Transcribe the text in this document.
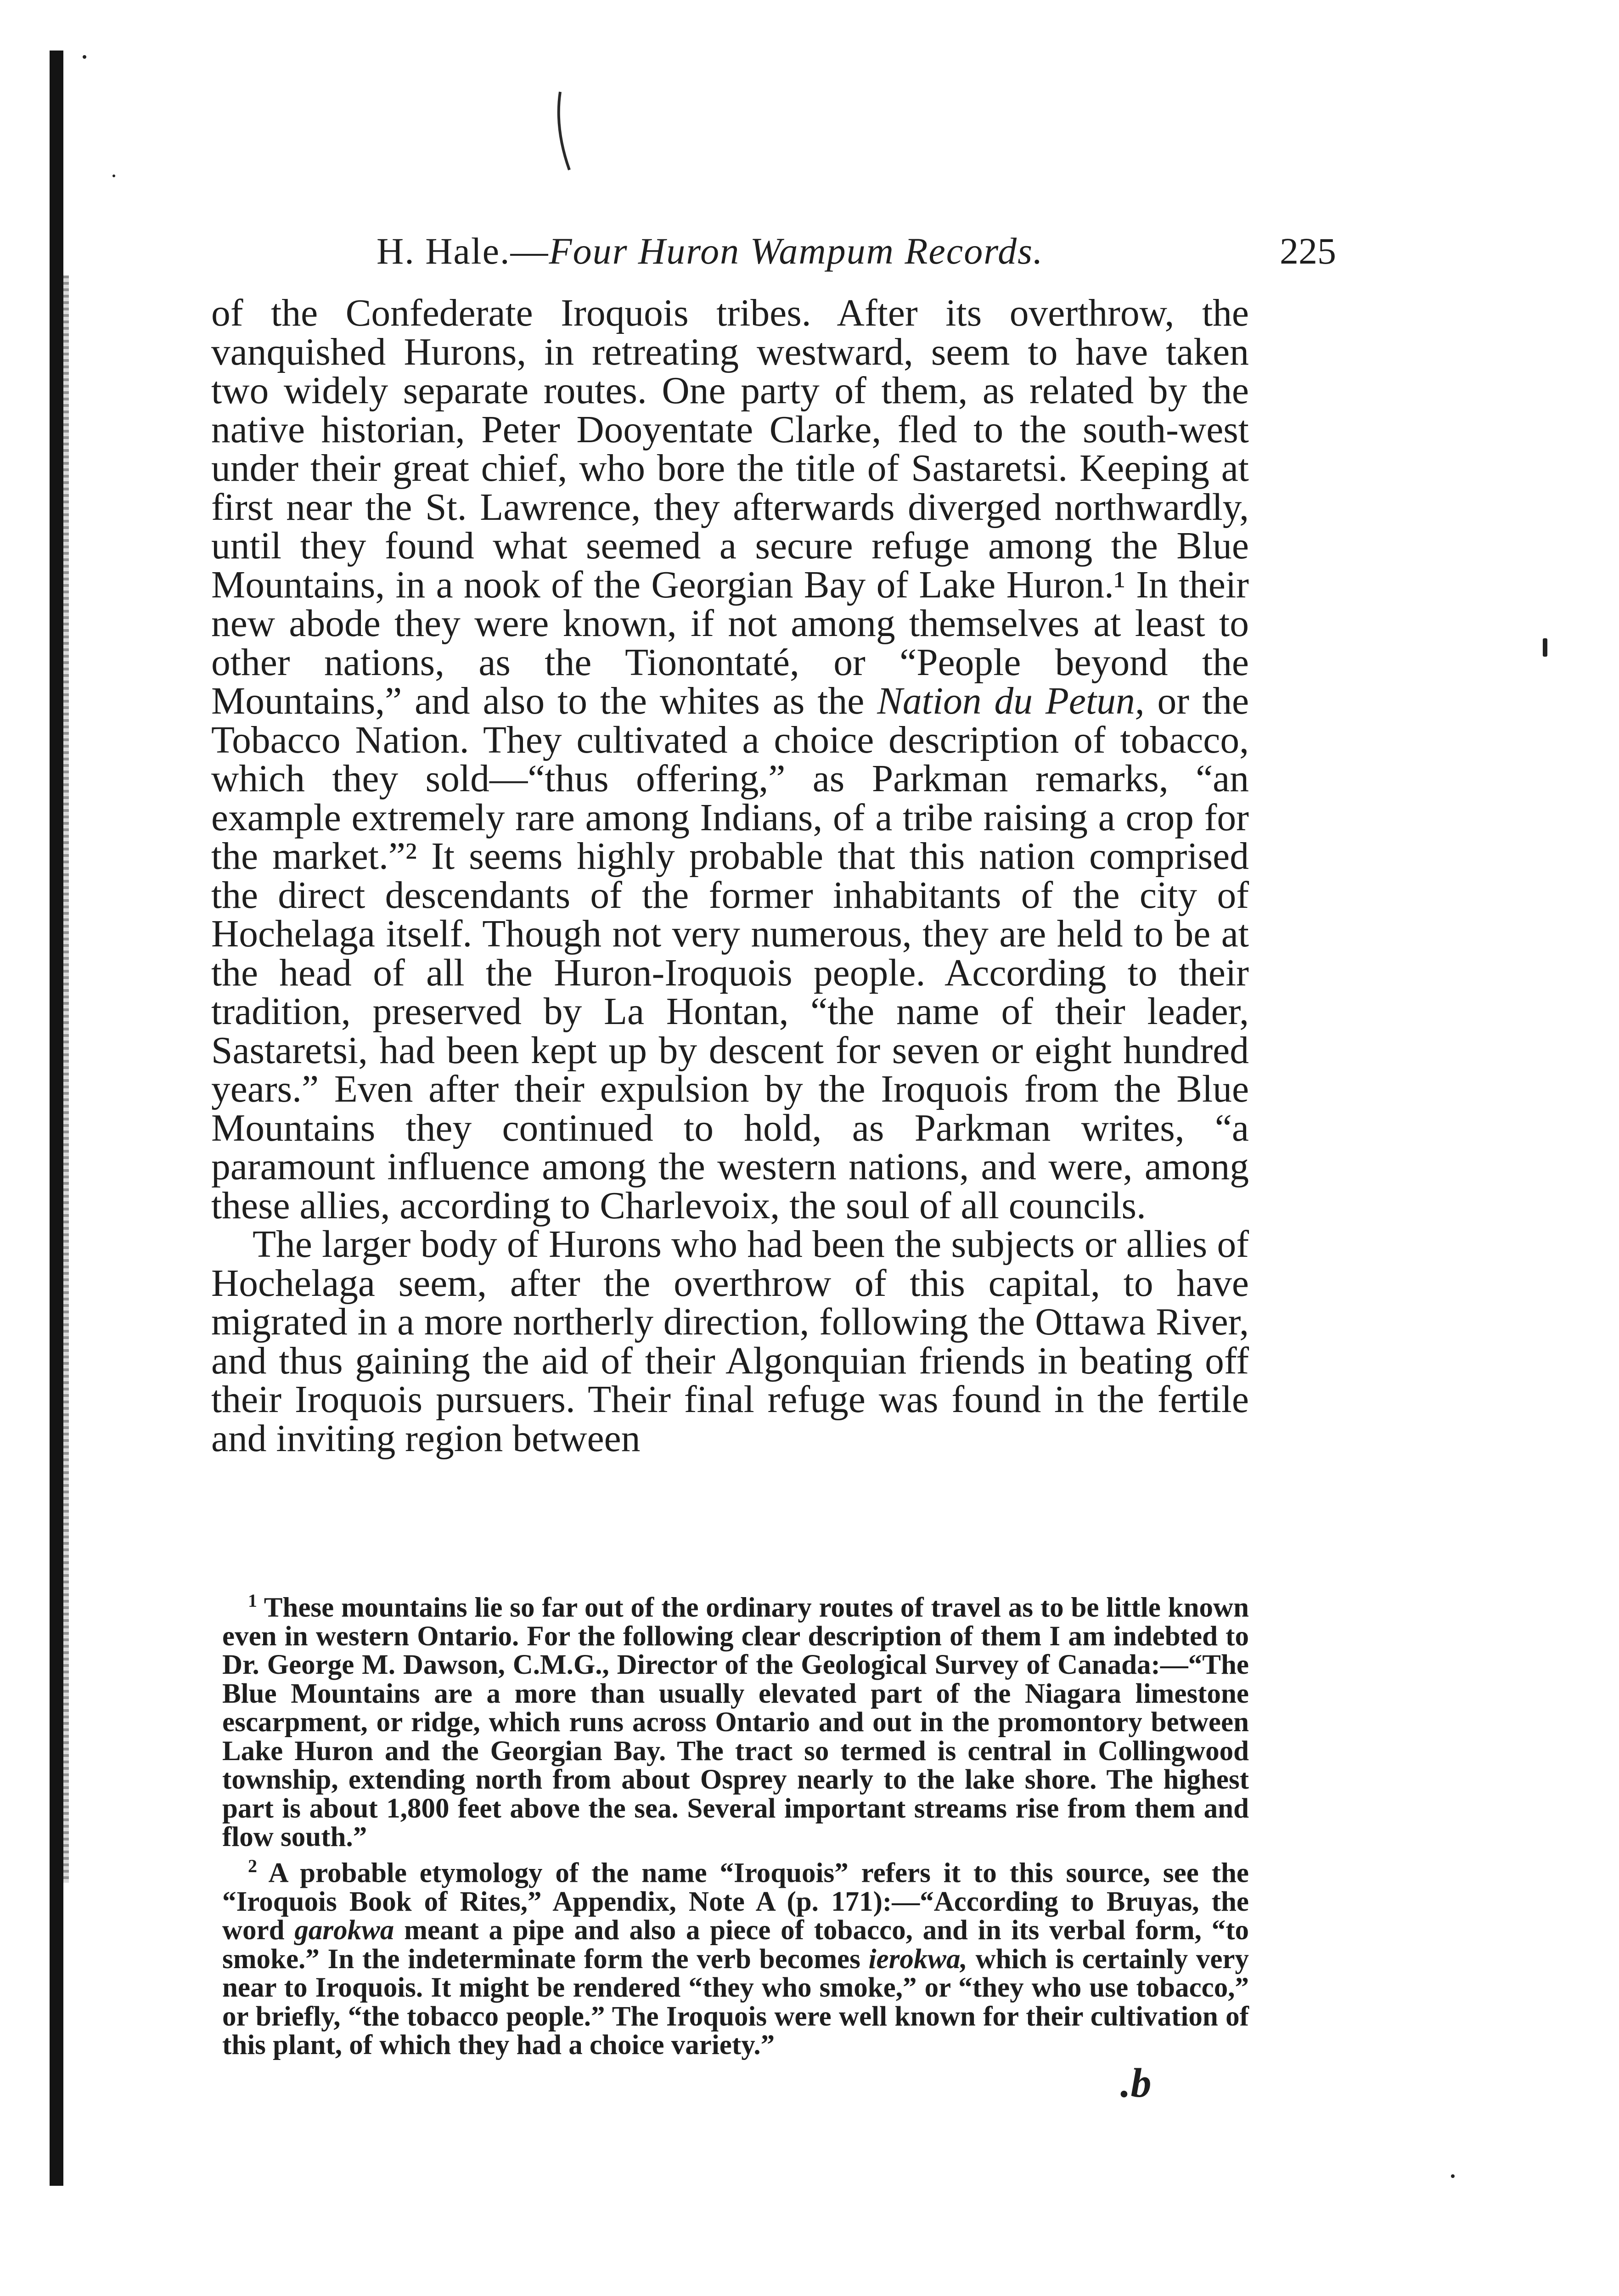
H. Hale.—Four Huron Wampum Records.	225

of the Confederate Iroquois tribes. After its overthrow, the vanquished Hurons, in retreating westward, seem to have taken two widely separate routes. One party of them, as related by the native historian, Peter Dooyentate Clarke, fled to the south-west under their great chief, who bore the title of Sastaretsi. Keeping at first near the St. Lawrence, they afterwards diverged northwardly, until they found what seemed a secure refuge among the Blue Mountains, in a nook of the Georgian Bay of Lake Huron.¹ In their new abode they were known, if not among themselves at least to other nations, as the Tionontaté, or “People beyond the Mountains,” and also to the whites as the Nation du Petun, or the Tobacco Nation. They cultivated a choice description of tobacco, which they sold—“thus offering,” as Parkman remarks, “an example extremely rare among Indians, of a tribe raising a crop for the market.”² It seems highly probable that this nation comprised the direct descendants of the former inhabitants of the city of Hochelaga itself. Though not very numerous, they are held to be at the head of all the Huron-Iroquois people. According to their tradition, preserved by La Hontan, “the name of their leader, Sastaretsi, had been kept up by descent for seven or eight hundred years.” Even after their expulsion by the Iroquois from the Blue Mountains they continued to hold, as Parkman writes, “a paramount influence among the western nations, and were, among these allies, according to Charlevoix, the soul of all councils.

The larger body of Hurons who had been the subjects or allies of Hochelaga seem, after the overthrow of this capital, to have migrated in a more northerly direction, following the Ottawa River, and thus gaining the aid of their Algonquian friends in beating off their Iroquois pursuers. Their final refuge was found in the fertile and inviting region between

$^1$ These mountains lie so far out of the ordinary routes of travel as to be little known even in western Ontario. For the following clear description of them I am indebted to Dr. George M. Dawson, C.M.G., Director of the Geological Survey of Canada:—“The Blue Mountains are a more than usually elevated part of the Niagara limestone escarpment, or ridge, which runs across Ontario and out in the promontory between Lake Huron and the Georgian Bay. The tract so termed is central in Collingwood township, extending north from about Osprey nearly to the lake shore. The highest part is about 1,800 feet above the sea. Several important streams rise from them and flow south.”

$^2$ A probable etymology of the name “Iroquois” refers it to this source, see the “Iroquois Book of Rites,” Appendix, Note A (p. 171):—“According to Bruyas, the word garokwa meant a pipe and also a piece of tobacco, and in its verbal form, “to smoke.” In the indeterminate form the verb becomes ierokwa, which is certainly very near to Iroquois. It might be rendered “they who smoke,” or “they who use tobacco,” or briefly, “the tobacco people.” The Iroquois were well known for their cultivation of this plant, of which they had a choice variety.”

.b
